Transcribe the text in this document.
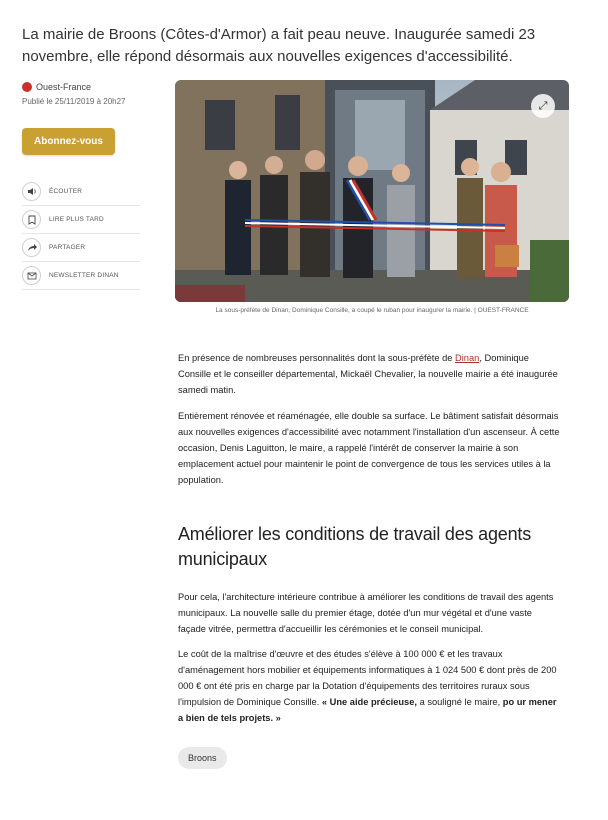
La mairie de Broons (Côtes-d'Armor) a fait peau neuve. Inaugurée samedi 23 novembre, elle répond désormais aux nouvelles exigences d'accessibilité.
Ouest-France
Publié le 25/11/2019 à 20h27
Abonnez-vous
ÉCOUTER
LIRE PLUS TARD
PARTAGER
NEWSLETTER DINAN
⤢
La sous-préfète de Dinan, Dominique Consille, a coupé le ruban pour inaugurer la mairie. | OUEST-FRANCE

En présence de nombreuses personnalités dont la sous-préfète de Dinan, Dominique Consille et le conseiller départemental, Mickaël Chevalier, la nouvelle mairie a été inaugurée samedi matin.

Entièrement rénovée et réaménagée, elle double sa surface. Le bâtiment satisfait désormais aux nouvelles exigences d'accessibilité avec notamment l'installation d'un ascenseur. À cette occasion, Denis Laguitton, le maire, a rappelé l'intérêt de conserver la mairie à son emplacement actuel pour maintenir le point de convergence de tous les services utiles à la population.

Améliorer les conditions de travail des agents municipaux

Pour cela, l'architecture intérieure contribue à améliorer les conditions de travail des agents municipaux. La nouvelle salle du premier étage, dotée d'un mur végétal et d'une vaste façade vitrée, permettra d'accueillir les cérémonies et le conseil municipal.

Le coût de la maîtrise d'œuvre et des études s'élève à 100 000 € et les travaux d'aménagement hors mobilier et équipements informatiques à 1 024 500 € dont près de 200 000 € ont été pris en charge par la Dotation d'équipements des territoires ruraux sous l'impulsion de Dominique Consille. « Une aide précieuse, a souligné le maire, po ur mener a bien de tels projets. »

Broons
